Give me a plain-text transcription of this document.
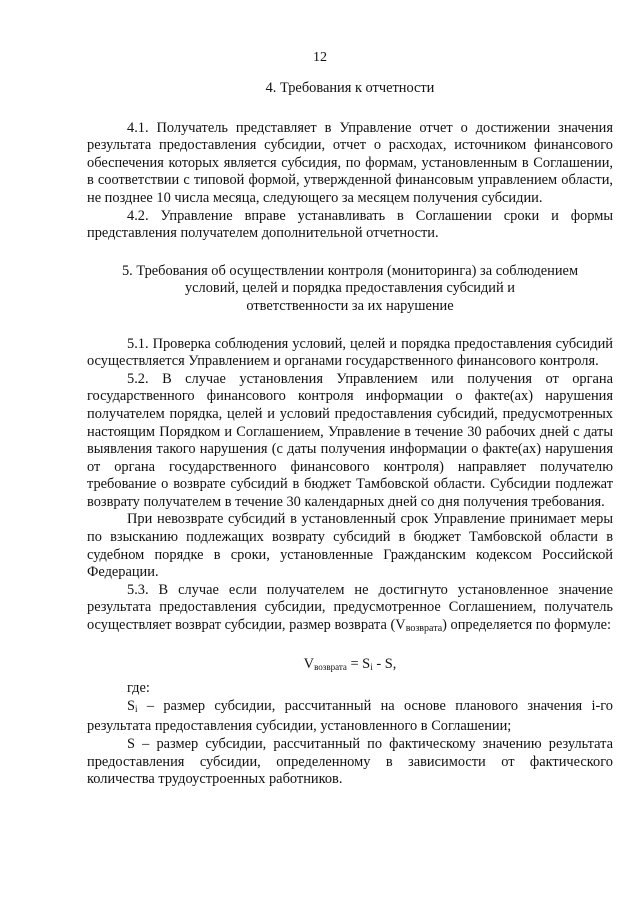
12
4. Требования к отчетности

4.1. Получатель представляет в Управление отчет о достижении значения результата предоставления субсидии, отчет о расходах, источником финансового обеспечения которых является субсидия, по формам, установленным в Соглашении, в соответствии с типовой формой, утвержденной финансовым управлением области, не позднее 10 числа месяца, следующего за месяцем получения субсидии.

4.2. Управление вправе устанавливать в Соглашении сроки и формы представления получателем дополнительной отчетности.

5. Требования об осуществлении контроля (мониторинга) за соблюдением
условий, целей и порядка предоставления субсидий и
ответственности за их нарушение

5.1. Проверка соблюдения условий, целей и порядка предоставления субсидий осуществляется Управлением и органами государственного финансового контроля.

5.2. В случае установления Управлением или получения от органа государственного финансового контроля информации о факте(ах) нарушения получателем порядка, целей и условий предоставления субсидий, предусмотренных настоящим Порядком и Соглашением, Управление в течение 30 рабочих дней с даты выявления такого нарушения (с даты получения информации о факте(ах) нарушения от органа государственного финансового контроля) направляет получателю требование о возврате субсидий в бюджет Тамбовской области. Субсидии подлежат возврату получателем в течение 30 календарных дней со дня получения требования.

При невозврате субсидий в установленный срок Управление принимает меры по взысканию подлежащих возврату субсидий в бюджет Тамбовской области в судебном порядке в сроки, установленные Гражданским кодексом Российской Федерации.

5.3. В случае если получателем не достигнуто установленное значение результата предоставления субсидии, предусмотренное Соглашением, получатель осуществляет возврат субсидии, размер возврата (Vвозврата) определяется по формуле:

$V_{возврата} = S_i - S$,

где:

$S_i$ – размер субсидии, рассчитанный на основе планового значения i-го результата предоставления субсидии, установленного в Соглашении;

S – размер субсидии, рассчитанный по фактическому значению результата предоставления субсидии, определенному в зависимости от фактического количества трудоустроенных работников.
